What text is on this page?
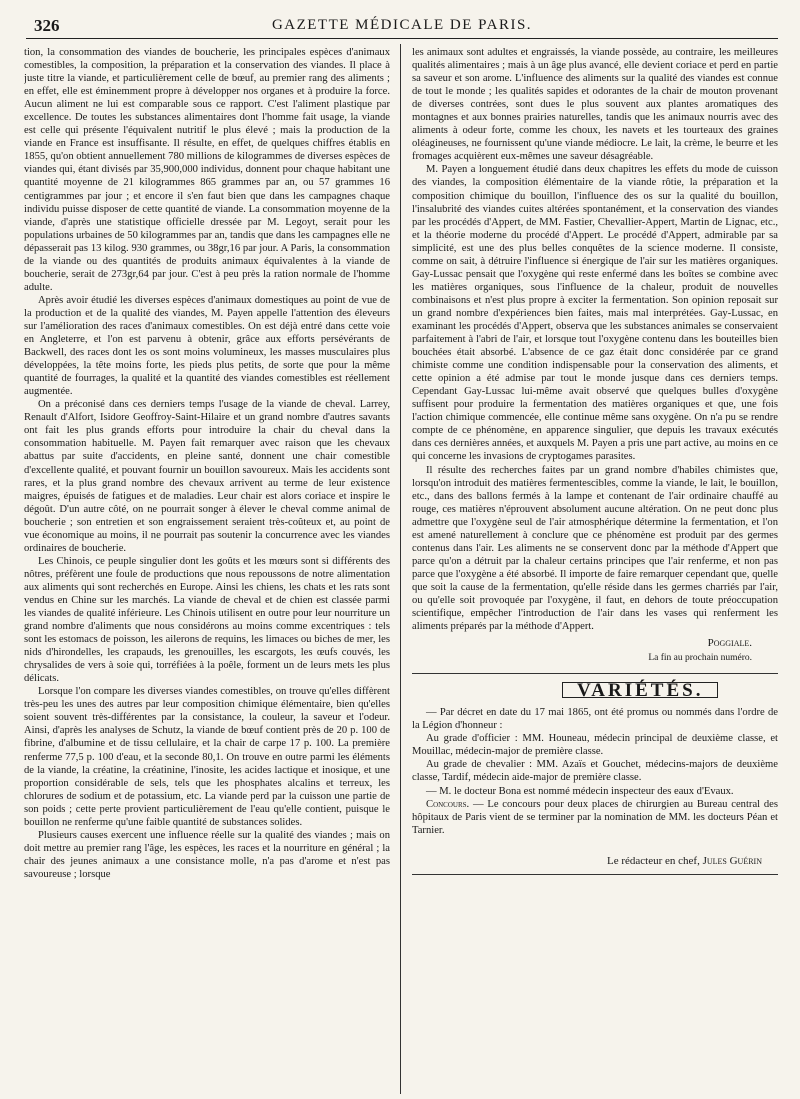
326	GAZETTE MÉDICALE DE PARIS.

tion, la consommation des viandes de boucherie, les principales espèces d'animaux comestibles, la composition, la préparation et la conservation des viandes. Il place à juste titre la viande, et particulièrement celle de bœuf, au premier rang des aliments ; en effet, elle est éminemment propre à développer nos organes et à produire la force. Aucun aliment ne lui est comparable sous ce rapport. C'est l'aliment plastique par excellence. De toutes les substances alimentaires dont l'homme fait usage, la viande est celle qui présente l'équivalent nutritif le plus élevé ; mais la production de la viande en France est insuffisante. Il résulte, en effet, de quelques chiffres établis en 1855, qu'on obtient annuellement 780 millions de kilogrammes de diverses espèces de viandes qui, étant divisés par 35,900,000 individus, donnent pour chaque habitant une quantité moyenne de 21 kilogrammes 865 grammes par an, ou 57 grammes 16 centigrammes par jour ; et encore il s'en faut bien que dans les campagnes chaque individu puisse disposer de cette quantité de viande. La consommation moyenne de la viande, d'après une statistique officielle dressée par M. Legoyt, serait pour les populations urbaines de 50 kilogrammes par an, tandis que dans les campagnes elle ne dépasserait pas 13 kilog. 930 grammes, ou 38gr,16 par jour. A Paris, la consommation de la viande ou des quantités de produits animaux équivalentes à la viande de boucherie, serait de 273gr,64 par jour. C'est à peu près la ration normale de l'homme adulte.

Après avoir étudié les diverses espèces d'animaux domestiques au point de vue de la production et de la qualité des viandes, M. Payen appelle l'attention des éleveurs sur l'amélioration des races d'animaux comestibles. On est déjà entré dans cette voie en Angleterre, et l'on est parvenu à obtenir, grâce aux efforts persévérants de Backwell, des races dont les os sont moins volumineux, les masses musculaires plus développées, la tête moins forte, les pieds plus petits, de sorte que pour la même quantité de fourrages, la qualité et la quantité des viandes comestibles est réellement augmentée.

On a préconisé dans ces derniers temps l'usage de la viande de cheval. Larrey, Renault d'Alfort, Isidore Geoffroy-Saint-Hilaire et un grand nombre d'autres savants ont fait les plus grands efforts pour introduire la chair du cheval dans la consommation habituelle. M. Payen fait remarquer avec raison que les chevaux abattus par suite d'accidents, en pleine santé, donnent une chair comestible d'excellente qualité, et pouvant fournir un bouillon savoureux. Mais les accidents sont rares, et la plus grand nombre des chevaux arrivent au terme de leur existence maigres, épuisés de fatigues et de maladies. Leur chair est alors coriace et inspire le dégoût. D'un autre côté, on ne pourrait songer à élever le cheval comme animal de boucherie ; son entretien et son engraissement seraient très-coûteux et, au point de vue économique au moins, il ne pourrait pas soutenir la concurrence avec les viandes ordinaires de boucherie.

Les Chinois, ce peuple singulier dont les goûts et les mœurs sont si différents des nôtres, préfèrent une foule de productions que nous repoussons de notre alimentation aux aliments qui sont recherchés en Europe. Ainsi les chiens, les chats et les rats sont vendus en Chine sur les marchés. La viande de cheval et de chien est classée parmi les viandes de qualité inférieure. Les Chinois utilisent en outre pour leur nourriture un grand nombre d'aliments que nous considérons au moins comme excentriques : tels sont les estomacs de poisson, les ailerons de requins, les limaces ou biches de mer, les nids d'hirondelles, les crapauds, les grenouilles, les escargots, les œufs couvés, les chrysalides de vers à soie qui, torréfiées à la poêle, forment un de leurs mets les plus délicats.

Lorsque l'on compare les diverses viandes comestibles, on trouve qu'elles diffèrent très-peu les unes des autres par leur composition chimique élémentaire, bien qu'elles soient souvent très-différentes par la consistance, la couleur, la saveur et l'odeur. Ainsi, d'après les analyses de Schutz, la viande de bœuf contient près de 20 p. 100 de fibrine, d'albumine et de tissu cellulaire, et la chair de carpe 17 p. 100. La première renferme 77,5 p. 100 d'eau, et la seconde 80,1. On trouve en outre parmi les éléments de la viande, la créatine, la créatinine, l'inosite, les acides lactique et inosique, et une proportion considérable de sels, tels que les phosphates alcalins et terreux, les chlorures de sodium et de potassium, etc. La viande perd par la cuisson une partie de son poids ; cette perte provient particulièrement de l'eau qu'elle contient, puisque le bouillon ne renferme qu'une faible quantité de substances solides.

Plusieurs causes exercent une influence réelle sur la qualité des viandes ; mais on doit mettre au premier rang l'âge, les espèces, les races et la nourriture en général ; la chair des jeunes animaux a une consistance molle, n'a pas d'arome et n'est pas savoureuse ; lorsque

les animaux sont adultes et engraissés, la viande possède, au contraire, les meilleures qualités alimentaires ; mais à un âge plus avancé, elle devient coriace et perd en partie sa saveur et son arome. L'influence des aliments sur la qualité des viandes est connue de tout le monde ; les qualités sapides et odorantes de la chair de mouton provenant de diverses contrées, sont dues le plus souvent aux plantes aromatiques des montagnes et aux bonnes prairies naturelles, tandis que les animaux nourris avec des aliments à odeur forte, comme les choux, les navets et les tourteaux des graines oléagineuses, ne fournissent qu'une viande médiocre. Le lait, la crème, le beurre et les fromages acquièrent eux-mêmes une saveur désagréable.

M. Payen a longuement étudié dans deux chapitres les effets du mode de cuisson des viandes, la composition élémentaire de la viande rôtie, la préparation et la composition chimique du bouillon, l'influence des os sur la qualité du bouillon, l'insalubrité des viandes cuites altérées spontanément, et la conservation des viandes par les procédés d'Appert, de MM. Fastier, Chevallier-Appert, Martin de Lignac, etc., et la théorie moderne du procédé d'Appert. Le procédé d'Appert, admirable par sa simplicité, est une des plus belles conquêtes de la science moderne. Il consiste, comme on sait, à détruire l'influence si énergique de l'air sur les matières organiques. Gay-Lussac pensait que l'oxygène qui reste enfermé dans les boîtes se combine avec les matières organiques, sous l'influence de la chaleur, produit de nouvelles combinaisons et n'est plus propre à exciter la fermentation. Son opinion reposait sur un grand nombre d'expériences bien faites, mais mal interprétées. Gay-Lussac, en examinant les procédés d'Appert, observa que les substances animales se conservaient parfaitement à l'abri de l'air, et lorsque tout l'oxygène contenu dans les bouteilles bien bouchées était absorbé. L'absence de ce gaz était donc considérée par ce grand chimiste comme une condition indispensable pour la conservation des aliments, et cette opinion a été admise par tout le monde jusque dans ces derniers temps. Cependant Gay-Lussac lui-même avait observé que quelques bulles d'oxygène suffisent pour produire la fermentation des matières organiques et que, une fois l'action chimique commencée, elle continue même sans oxygène. On n'a pu se rendre compte de ce phénomène, en apparence singulier, que depuis les travaux exécutés dans ces dernières années, et auxquels M. Payen a pris une part active, au moins en ce qui concerne les invasions de cryptogames parasites.

Il résulte des recherches faites par un grand nombre d'habiles chimistes que, lorsqu'on introduit des matières fermentescibles, comme la viande, le lait, le bouillon, etc., dans des ballons fermés à la lampe et contenant de l'air ordinaire chauffé au rouge, ces matières n'éprouvent absolument aucune altération. On ne peut donc plus admettre que l'oxygène seul de l'air atmosphérique détermine la fermentation, et l'on est amené naturellement à conclure que ce phénomène est produit par des germes contenus dans l'air. Les aliments ne se conservent donc par la méthode d'Appert que parce qu'on a détruit par la chaleur certains principes que l'air renferme, et non pas parce que l'oxygène a été absorbé. Il importe de faire remarquer cependant que, quelle que soit la cause de la fermentation, qu'elle réside dans les germes charriés par l'air, ou qu'elle soit provoquée par l'oxygène, il faut, en dehors de toute préoccupation scientifique, empêcher l'introduction de l'air dans les vases qui renferment les aliments préparés par la méthode d'Appert.

Poggiale.
La fin au prochain numéro.
VARIÉTÉS.

— Par décret en date du 17 mai 1865, ont été promus ou nommés dans l'ordre de la Légion d'honneur :

Au grade d'officier : MM. Houneau, médecin principal de deuxième classe, et Mouillac, médecin-major de première classe.

Au grade de chevalier : MM. Azaïs et Gouchet, médecins-majors de deuxième classe, Tardif, médecin aide-major de première classe.

— M. le docteur Bona est nommé médecin inspecteur des eaux d'Evaux.

Concours. — Le concours pour deux places de chirurgien au Bureau central des hôpitaux de Paris vient de se terminer par la nomination de MM. les docteurs Péan et Tarnier.

Le rédacteur en chef, Jules Guérin
